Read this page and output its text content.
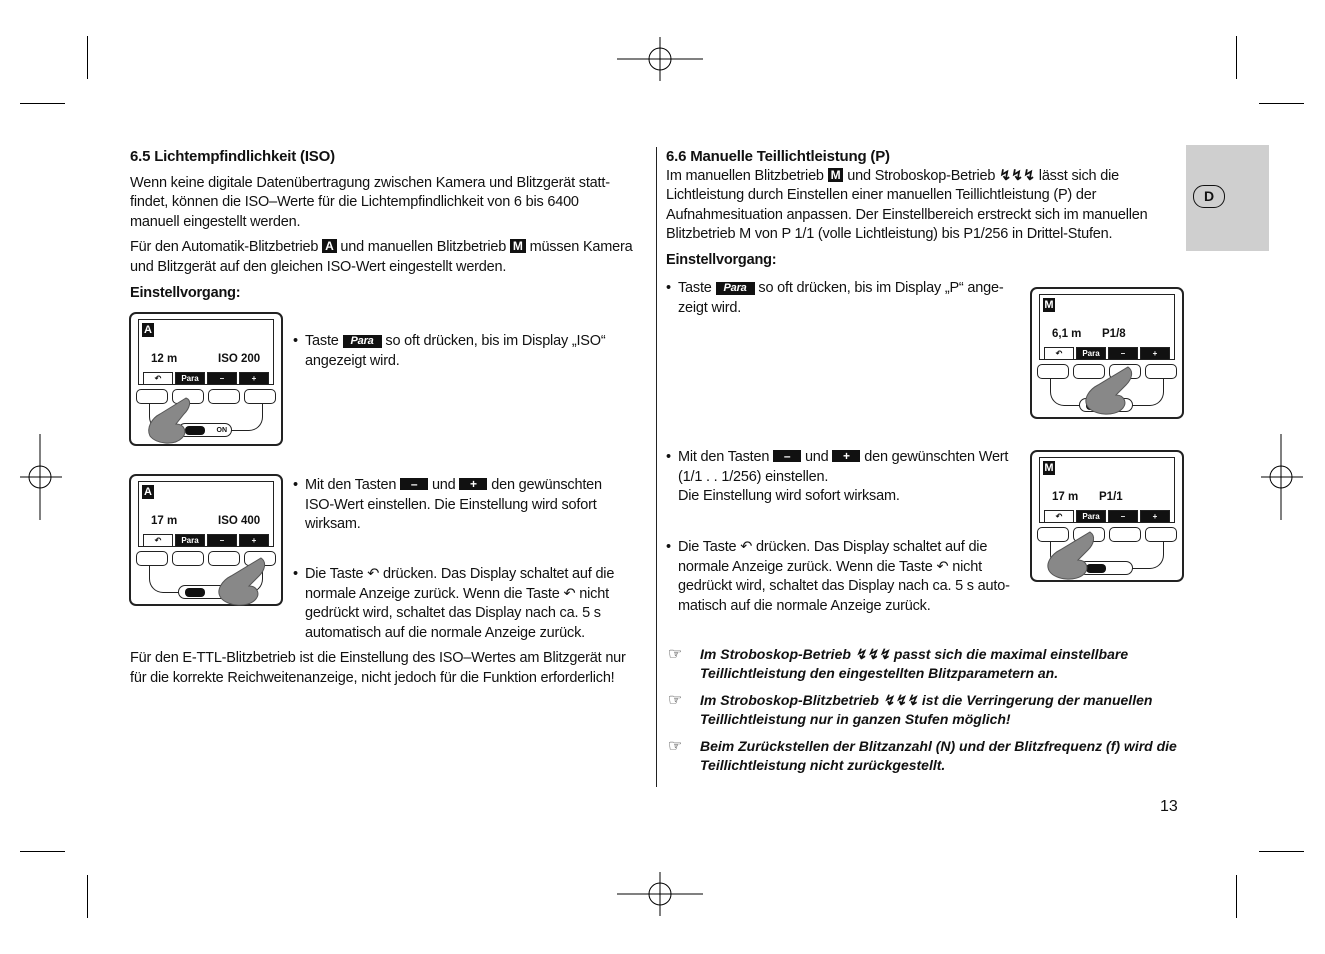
D
6.5 Lichtempfindlichkeit (ISO)

Wenn keine digitale Datenübertragung zwischen Kamera und Blitzgerät statt-findet, können die ISO–Werte für die Lichtempfindlichkeit von 6 bis 6400 manuell eingestellt werden.

Für den Automatik-Blitzbetrieb A und manuellen Blitzbetrieb M müssen Kamera und Blitzgerät auf den gleichen ISO-Wert eingestellt werden.

Einstellvorgang:

A
12 m	ISO 200
↶	Para	–	+
ON
• Taste Para so oft drücken, bis im Display „ISO“ angezeigt wird.

A
17 m	ISO 400
↶	Para	–	+
• Mit den Tasten – und + den gewünschten ISO-Wert einstellen. Die Einstellung wird sofort wirksam.

• Die Taste ↶ drücken. Das Display schaltet auf die normale Anzeige zurück. Wenn die Taste ↶ nicht gedrückt wird, schaltet das Display nach ca. 5 s automatisch auf die normale Anzeige zurück.

Für den E-TTL-Blitzbetrieb ist die Einstellung des ISO–Wertes am Blitzgerät nur für die korrekte Reichweitenanzeige, nicht jedoch für die Funktion erforderlich!

6.6 Manuelle Teillichtleistung (P)

Im manuellen Blitzbetrieb M und Stroboskop-Betrieb ↯↯↯ lässt sich die Lichtleistung durch Einstellen einer manuellen Teillichtleistung (P) der Aufnahmesituation anpassen. Der Einstellbereich erstreckt sich im manuellen Blitzbetrieb M von P 1/1 (volle Lichtleistung) bis P1/256 in Drittel-Stufen.

Einstellvorgang:

• Taste Para so oft drücken, bis im Display „P“ ange-zeigt wird.	M
6,1 m P1/8
↶	Para	–	+
• Mit den Tasten – und + den gewünschten Wert (1/1 . . 1/256) einstellen.
Die Einstellung wird sofort wirksam.

M
17 m P1/1
↶	Para	–	+
• Die Taste ↶ drücken. Das Display schaltet auf die normale Anzeige zurück. Wenn die Taste ↶ nicht gedrückt wird, schaltet das Display nach ca. 5 s auto-matisch auf die normale Anzeige zurück.

☞	Im Stroboskop-Betrieb ↯↯↯ passt sich die maximal einstellbare Teillichtleistung den eingestellten Blitzparametern an.

☞	Im Stroboskop-Blitzbetrieb ↯↯↯ ist die Verringerung der manuellen Teillichtleistung nur in ganzen Stufen möglich!

☞	Beim Zurückstellen der Blitzanzahl (N) und der Blitzfrequenz (f) wird die Teillichtleistung nicht zurückgestellt.

13
